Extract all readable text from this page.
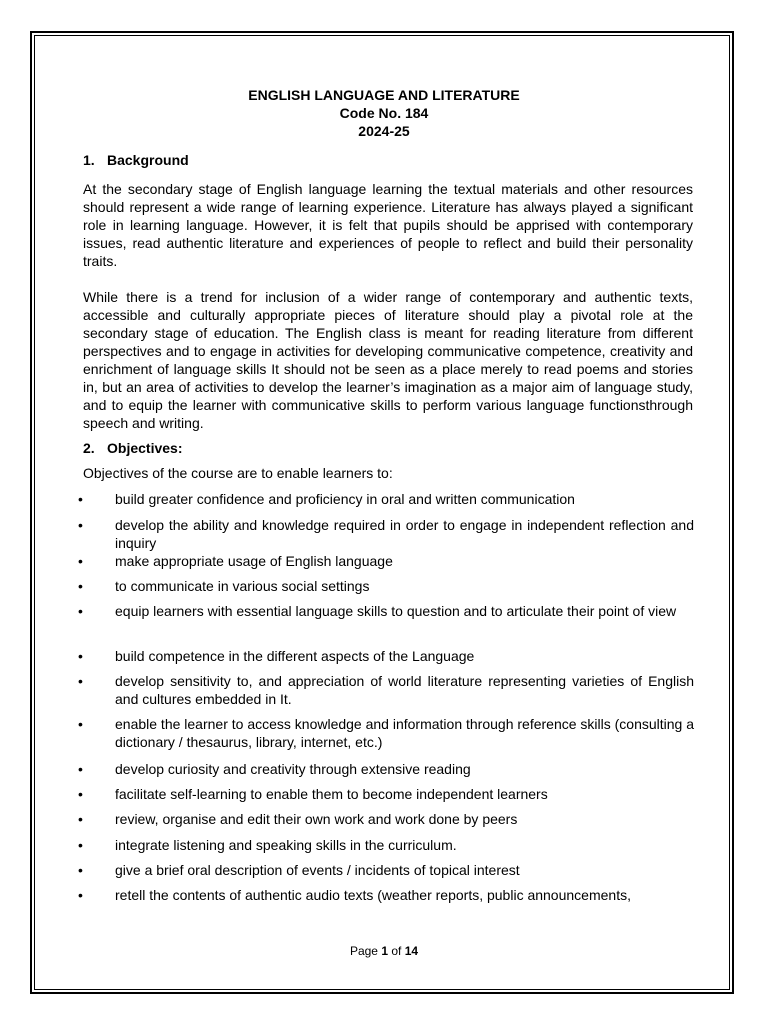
ENGLISH LANGUAGE AND LITERATURE
Code No. 184
2024-25
1. Background

At the secondary stage of English language learning the textual materials and other resources should represent a wide range of learning experience. Literature has always played a significant role in learning language. However, it is felt that pupils should be apprised with contemporary issues, read authentic literature and experiences of people to reflect and build their personality traits.

While there is a trend for inclusion of a wider range of contemporary and authentic texts, accessible and culturally appropriate pieces of literature should play a pivotal role at the secondary stage of education. The English class is meant for reading literature from different perspectives and to engage in activities for developing communicative competence, creativity and enrichment of language skills It should not be seen as a place merely to read poems and stories in, but an area of activities to develop the learner’s imagination as a major aim of language study, and to equip the learner with communicative skills to perform various language functionsthrough speech and writing.

2. Objectives:
Objectives of the course are to enable learners to:
•	build greater confidence and proficiency in oral and written communication
•	develop the ability and knowledge required in order to engage in independent reflection and inquiry
•	make appropriate usage of English language
•	to communicate in various social settings
•	equip learners with essential language skills to question and to articulate their point of view
•	build competence in the different aspects of the Language
•	develop sensitivity to, and appreciation of world literature representing varieties of English and cultures embedded in It.
•	enable the learner to access knowledge and information through reference skills (consulting a dictionary / thesaurus, library, internet, etc.)
•	develop curiosity and creativity through extensive reading
•	facilitate self-learning to enable them to become independent learners
•	review, organise and edit their own work and work done by peers
•	integrate listening and speaking skills in the curriculum.
•	give a brief oral description of events / incidents of topical interest
•	retell the contents of authentic audio texts (weather reports, public announcements,
Page 1 of 14
